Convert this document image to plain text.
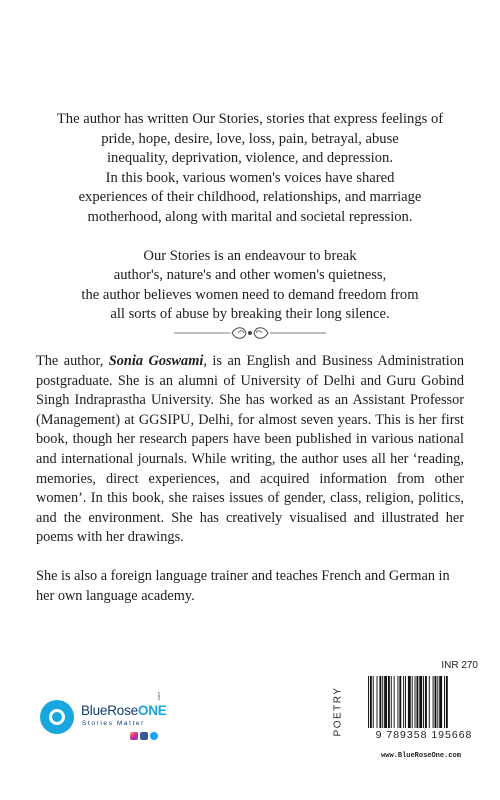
The author has written Our Stories, stories that express feelings of
pride, hope, desire, love, loss, pain, betrayal, abuse
inequality, deprivation, violence, and depression.
In this book, various women's voices have shared
experiences of their childhood, relationships, and marriage
motherhood, along with marital and societal repression.

Our Stories is an endeavour to break
author's, nature's and other women's quietness,
the author believes women need to demand freedom from
all sorts of abuse by breaking their long silence.

The author, Sonia Goswami, is an English and Business Administration postgraduate. She is an alumni of University of Delhi and Guru Gobind Singh Indraprastha University. She has worked as an Assistant Professor (Management) at GGSIPU, Delhi, for almost seven years. This is her first book, though her research papers have been published in various national and international journals. While writing, the author uses all her ‘reading, memories, direct experiences, and acquired information from other women’. In this book, she raises issues of gender, class, religion, politics, and the environment. She has creatively visualised and illustrated her poems with her drawings.

She is also a foreign language trainer and teaches French and German in her own language academy.

INR 270
POETRY	9 789358 195668
www.BlueRoseOne.com
BlueRoseONE
.com
Stories Matter
